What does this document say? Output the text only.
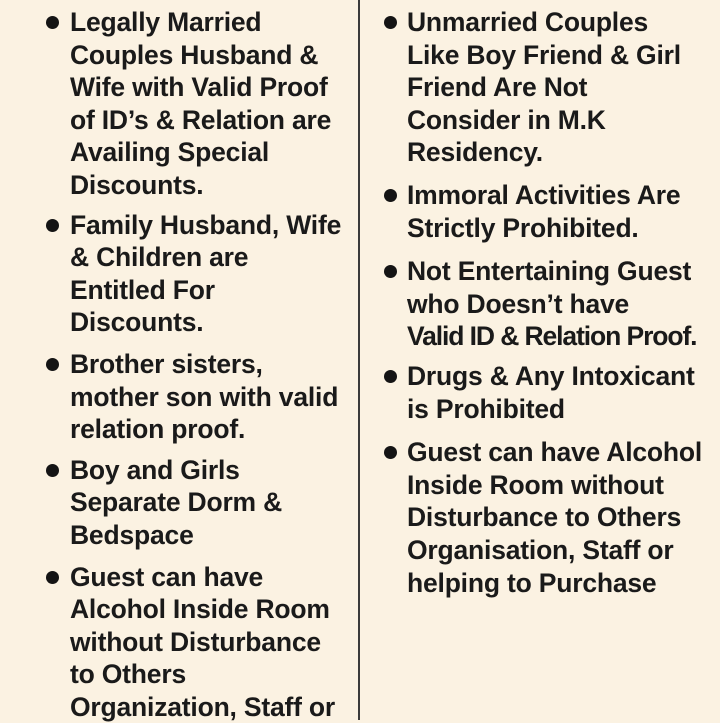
Legally Married
Couples Husband &
Wife with Valid Proof
of ID’s & Relation are
Availing Special
Discounts.
Family Husband, Wife
& Children are
Entitled For
Discounts.
Brother sisters,
mother son with valid
relation proof.
Boy and Girls
Separate Dorm &
Bedspace
Guest can have
Alcohol Inside Room
without Disturbance
to Others
Organization, Staff or
Unmarried Couples
Like Boy Friend & Girl
Friend Are Not
Consider in M.K
Residency.
Immoral Activities Are
Strictly Prohibited.
Not Entertaining Guest
who Doesn’t have
Valid ID & Relation Proof.
Drugs & Any Intoxicant
is Prohibited
Guest can have Alcohol
Inside Room without
Disturbance to Others
Organisation, Staff or
helping to Purchase
